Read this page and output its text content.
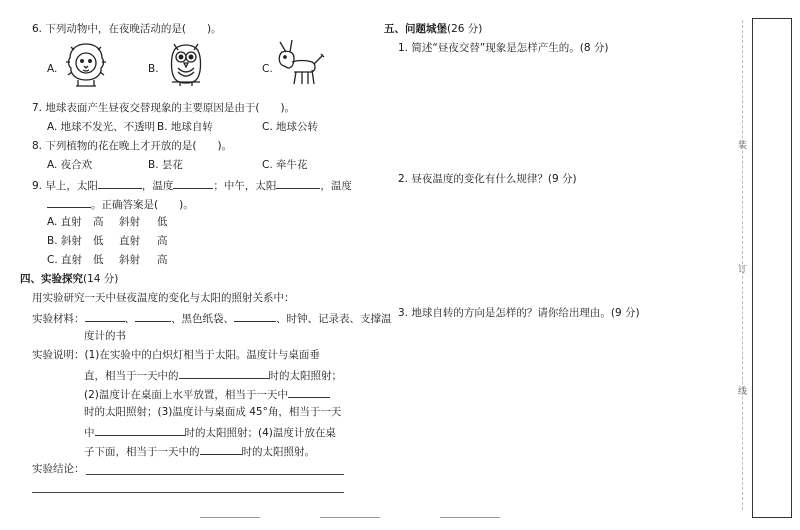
6. 下列动物中，在夜晚活动的是(　　)。
A.	B.	C.
7. 地球表面产生昼夜交替现象的主要原因是由于(　　)。
A. 地球不发光、不透明 B. 地球自转	C. 地球公转
8. 下列植物的花在晚上才开放的是(　　)。
A. 夜合欢	B. 昙花	C. 牵牛花
9. 早上，太阳	，温度	；中午，太阳	，温度
。正确答案是(　　)。
A. 直射 高 斜射 低
B. 斜射 低 直射 高
C. 直射 低 斜射 高
四、实验探究(14 分)
用实验研究一天中昼夜温度的变化与太阳的照射关系中：
实验材料：	、	、黑色纸袋、	、时钟、记录表、支撑温
度计的书
实验说明：(1)在实验中的白炽灯相当于太阳。温度计与桌面垂
直，相当于一天中的	时的太阳照射；
(2)温度计在桌面上水平放置，相当于一天中
时的太阳照射；(3)温度计与桌面成 45°角，相当于一天
中	时的太阳照射；(4)温度计放在桌
子下面，相当于一天中的	时的太阳照射。
实验结论：
五、问题城堡(26 分)
1. 简述“昼夜交替”现象是怎样产生的。(8 分)
2. 昼夜温度的变化有什么规律？(9 分)
3. 地球自转的方向是怎样的？请你给出理由。(9 分)
装
订
线
